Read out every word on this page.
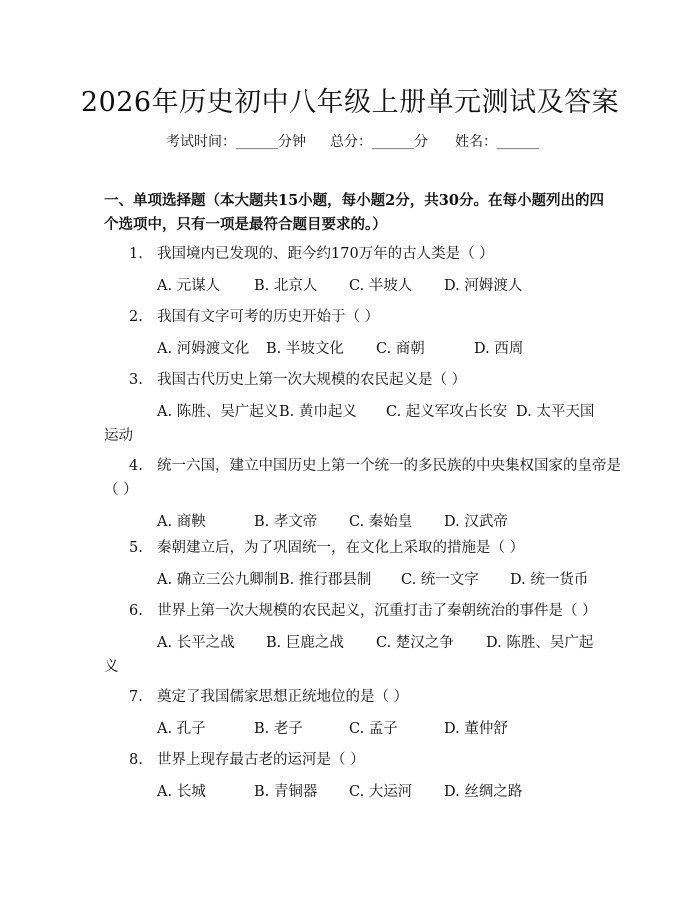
2026年历史初中八年级上册单元测试及答案
考试时间：______分钟 总分：______分 姓名：______
一、单项选择题（本大题共15小题，每小题2分，共30分。在每小题列出的四个选项中，只有一项是最符合题目要求的。）
1. 我国境内已发现的、距今约170万年的古人类是（ ）
A. 元谋人 B. 北京人 C. 半坡人 D. 河姆渡人
2. 我国有文字可考的历史开始于（ ）
A. 河姆渡文化 B. 半坡文化 C. 商朝	D. 西周
3. 我国古代历史上第一次大规模的农民起义是（ ）
A. 陈胜、吴广起义 B. 黄巾起义 C. 起义军攻占长安 D. 太平天国
运动
4. 统一六国，建立中国历史上第一个统一的多民族的中央集权国家的皇帝是
（ ）
A. 商鞅	B. 孝文帝 C. 秦始皇 D. 汉武帝
5. 秦朝建立后，为了巩固统一，在文化上采取的措施是（ ）
A. 确立三公九卿制 B. 推行郡县制 C. 统一文字 D. 统一货币
6. 世界上第一次大规模的农民起义，沉重打击了秦朝统治的事件是（ ）
A. 长平之战 B. 巨鹿之战 C. 楚汉之争 D. 陈胜、吴广起
义
7. 奠定了我国儒家思想正统地位的是（ ）
A. 孔子	B. 老子	C. 孟子	D. 董仲舒
8. 世界上现存最古老的运河是（ ）
A. 长城	B. 青铜器 C. 大运河 D. 丝绸之路
